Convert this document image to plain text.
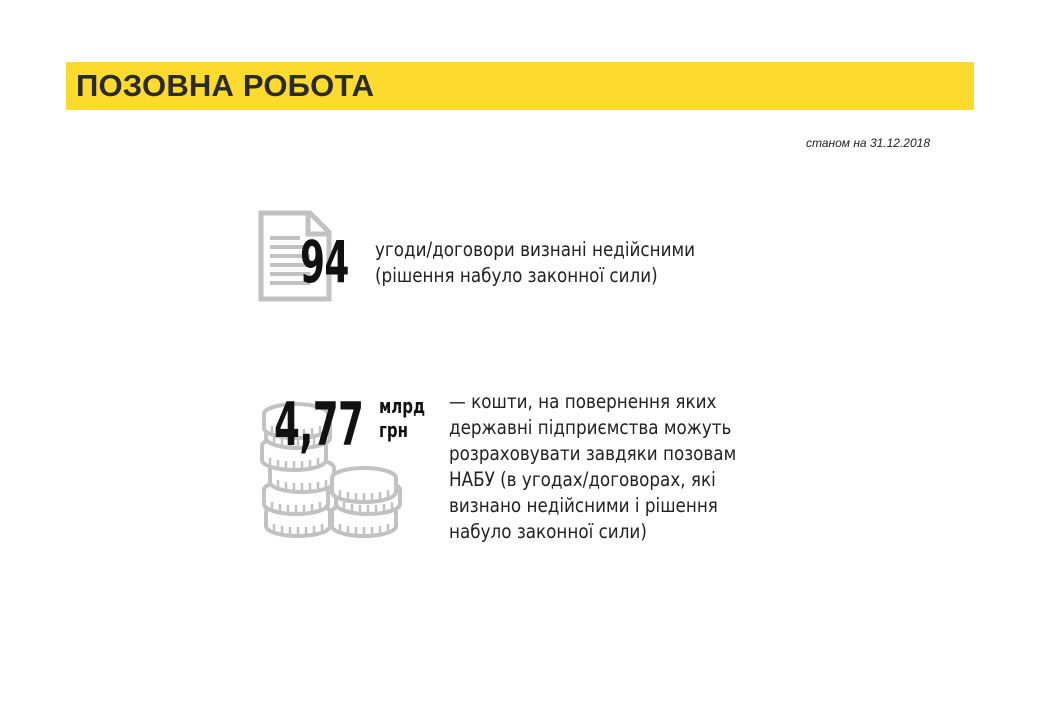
ПОЗОВНА РОБОТА
станом на 31.12.2018
94 угоди/договори визнані недійсними
(рішення набуло законної сили)
4,77 млрд
грн
— кошти, на повернення яких
державні підприємства можуть
розраховувати завдяки позовам
НАБУ (в угодах/договорах, які
визнано недійсними і рішення
набуло законної сили)
